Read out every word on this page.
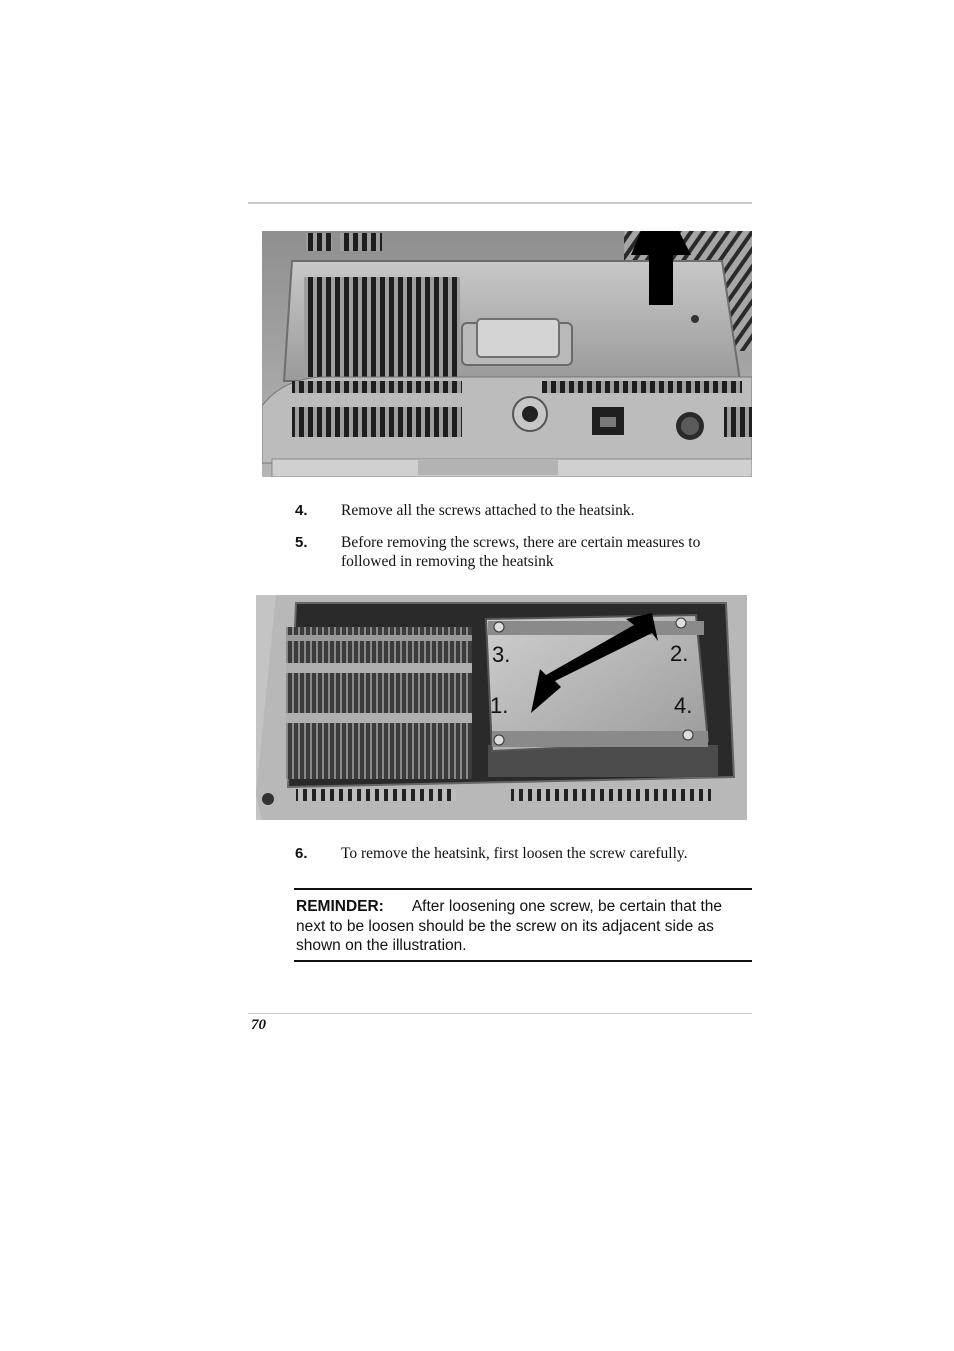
4. Remove all the screws attached to the heatsink.
5. Before removing the screws, there are certain measures to followed in removing the heatsink
3.	2.
1.	4.
6. To remove the heatsink, first loosen the screw carefully.

REMINDER: After loosening one screw, be certain that the next to be loosen should be the screw on its adjacent side as shown on the illustration.

70
